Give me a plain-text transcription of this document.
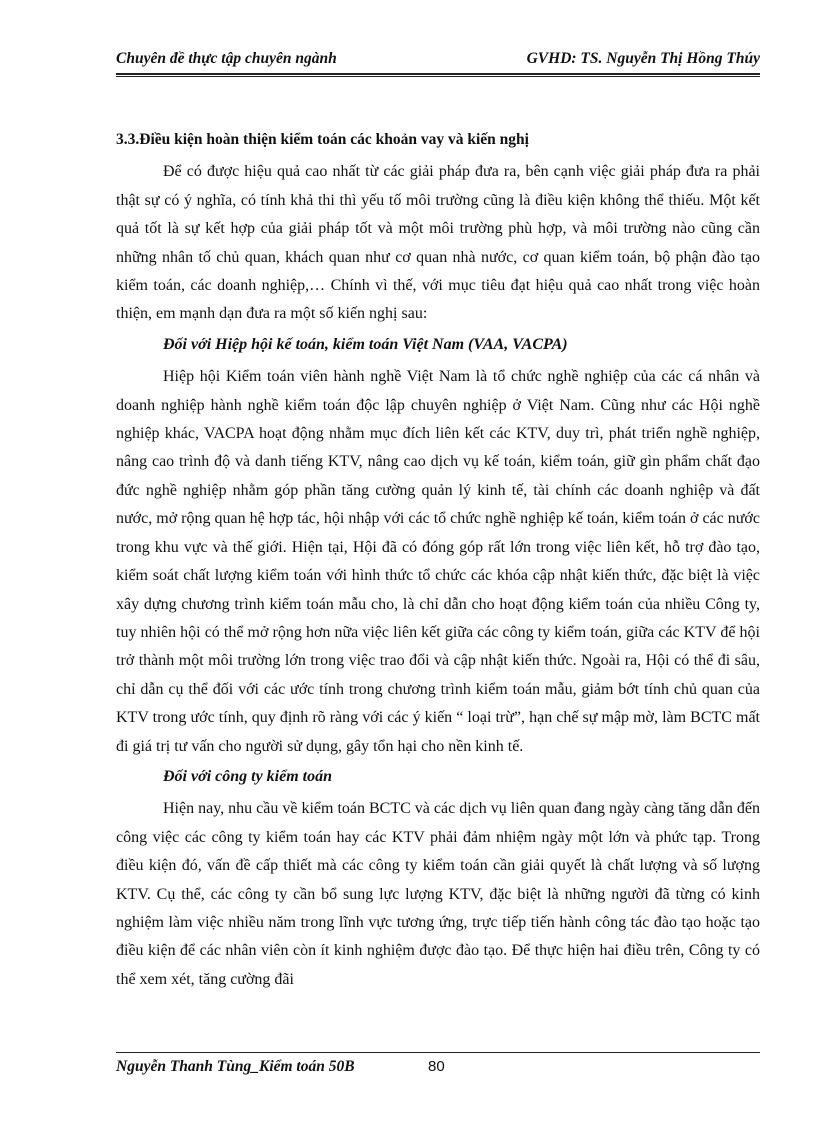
Chuyên đề thực tập chuyên ngành	GVHD: TS. Nguyễn Thị Hồng Thúy
3.3.Điều kiện hoàn thiện kiểm toán các khoản vay và kiến nghị

Để có được hiệu quả cao nhất từ các giải pháp đưa ra, bên cạnh việc giải pháp đưa ra phải thật sự có ý nghĩa, có tính khả thi thì yếu tố môi trường cũng là điều kiện không thể thiếu. Một kết quả tốt là sự kết hợp của giải pháp tốt và một môi trường phù hợp, và môi trường nào cũng cần những nhân tố chủ quan, khách quan như cơ quan nhà nước, cơ quan kiểm toán, bộ phận đào tạo kiểm toán, các doanh nghiệp,… Chính vì thế, với mục tiêu đạt hiệu quả cao nhất trong việc hoàn thiện, em mạnh dạn đưa ra một số kiến nghị sau:

Đối với Hiệp hội kế toán, kiểm toán Việt Nam (VAA, VACPA)

Hiệp hội Kiểm toán viên hành nghề Việt Nam là tổ chức nghề nghiệp của các cá nhân và doanh nghiệp hành nghề kiểm toán độc lập chuyên nghiệp ở Việt Nam. Cũng như các Hội nghề nghiệp khác, VACPA hoạt động nhằm mục đích liên kết các KTV, duy trì, phát triển nghề nghiệp, nâng cao trình độ và danh tiếng KTV, nâng cao dịch vụ kế toán, kiểm toán, giữ gìn phẩm chất đạo đức nghề nghiệp nhằm góp phần tăng cường quản lý kinh tế, tài chính các doanh nghiệp và đất nước, mở rộng quan hệ hợp tác, hội nhập với các tổ chức nghề nghiệp kế toán, kiểm toán ở các nước trong khu vực và thế giới. Hiện tại, Hội đã có đóng góp rất lớn trong việc liên kết, hỗ trợ đào tạo, kiểm soát chất lượng kiểm toán với hình thức tổ chức các khóa cập nhật kiến thức, đặc biệt là việc xây dựng chương trình kiểm toán mẫu cho, là chỉ dẫn cho hoạt động kiểm toán của nhiều Công ty, tuy nhiên hội có thể mở rộng hơn nữa việc liên kết giữa các công ty kiểm toán, giữa các KTV để hội trở thành một môi trường lớn trong việc trao đổi và cập nhật kiến thức. Ngoài ra, Hội có thể đi sâu, chỉ dẫn cụ thể đối với các ước tính trong chương trình kiểm toán mẫu, giảm bớt tính chủ quan của KTV trong ước tính, quy định rõ ràng với các ý kiến “ loại trừ”, hạn chế sự mập mờ, làm BCTC mất đi giá trị tư vấn cho người sử dụng, gây tổn hại cho nền kinh tế.

Đối với công ty kiểm toán

Hiện nay, nhu cầu về kiểm toán BCTC và các dịch vụ liên quan đang ngày càng tăng dẫn đến công việc các công ty kiểm toán hay các KTV phải đảm nhiệm ngày một lớn và phức tạp. Trong điều kiện đó, vấn đề cấp thiết mà các công ty kiểm toán cần giải quyết là chất lượng và số lượng KTV. Cụ thể, các công ty cần bổ sung lực lượng KTV, đặc biệt là những người đã từng có kinh nghiệm làm việc nhiều năm trong lĩnh vực tương ứng, trực tiếp tiến hành công tác đào tạo hoặc tạo điều kiện để các nhân viên còn ít kinh nghiệm được đào tạo. Để thực hiện hai điều trên, Công ty có thể xem xét, tăng cường đãi

Nguyễn Thanh Tùng_Kiểm toán 50B	80
